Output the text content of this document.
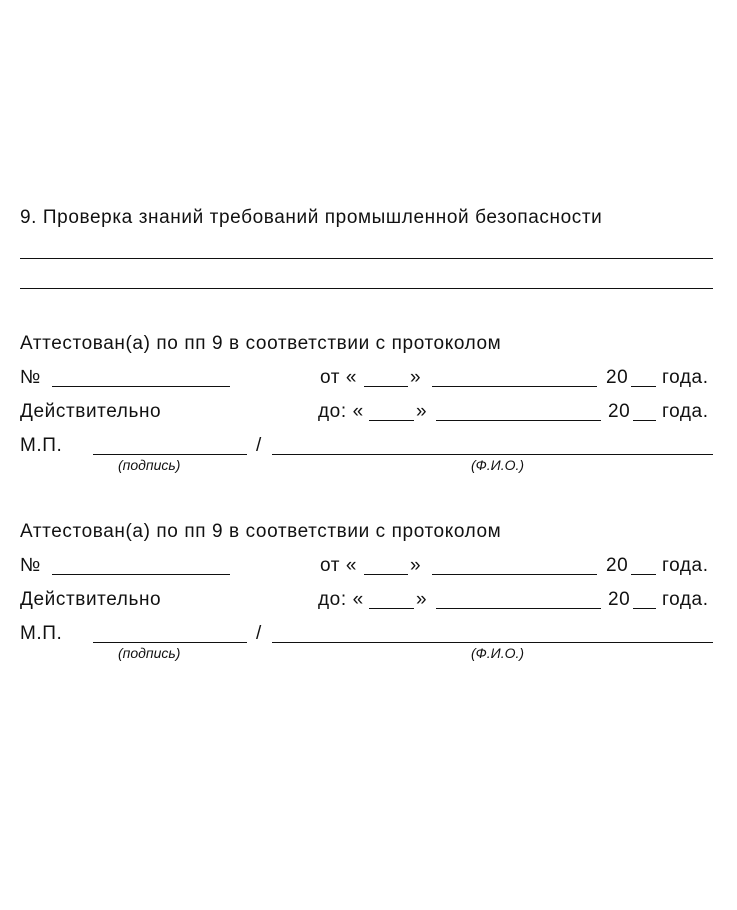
9. Проверка знаний требований промышленной безопасности
Аттестован(а) по пп 9 в соответствии с протоколом
№	от «	»	20 года.
Действительно	до: «	»	20 года.
М.П.	/
(подпись)	(Ф.И.О.)
Аттестован(а) по пп 9 в соответствии с протоколом
№	от «	»	20 года.
Действительно	до: «	»	20 года.
М.П.	/
(подпись)	(Ф.И.О.)
